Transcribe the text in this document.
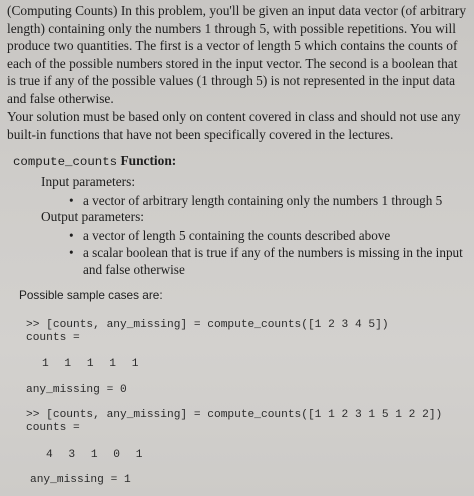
(Computing Counts) In this problem, you'll be given an input data vector (of arbitrary length) containing only the numbers 1 through 5, with possible repetitions. You will produce two quantities. The first is a vector of length 5 which contains the counts of each of the possible numbers stored in the input vector. The second is a boolean that is true if any of the possible values (1 through 5) is not represented in the input data and false otherwise.

Your solution must be based only on content covered in class and should not use any built-in functions that have not been specifically covered in the lectures.

compute_counts Function:

Input parameters:

• a vector of arbitrary length containing only the numbers 1 through 5

Output parameters:

• a vector of length 5 containing the counts described above
• a scalar boolean that is true if any of the numbers is missing in the input and false otherwise

Possible sample cases are:

>> [counts, any_missing] = compute_counts([1 2 3 4 5])

counts =

1 1 1 1 1

any_missing = 0

>> [counts, any_missing] = compute_counts([1 1 2 3 1 5 1 2 2])

counts =

4 3 1 0 1

any_missing = 1
